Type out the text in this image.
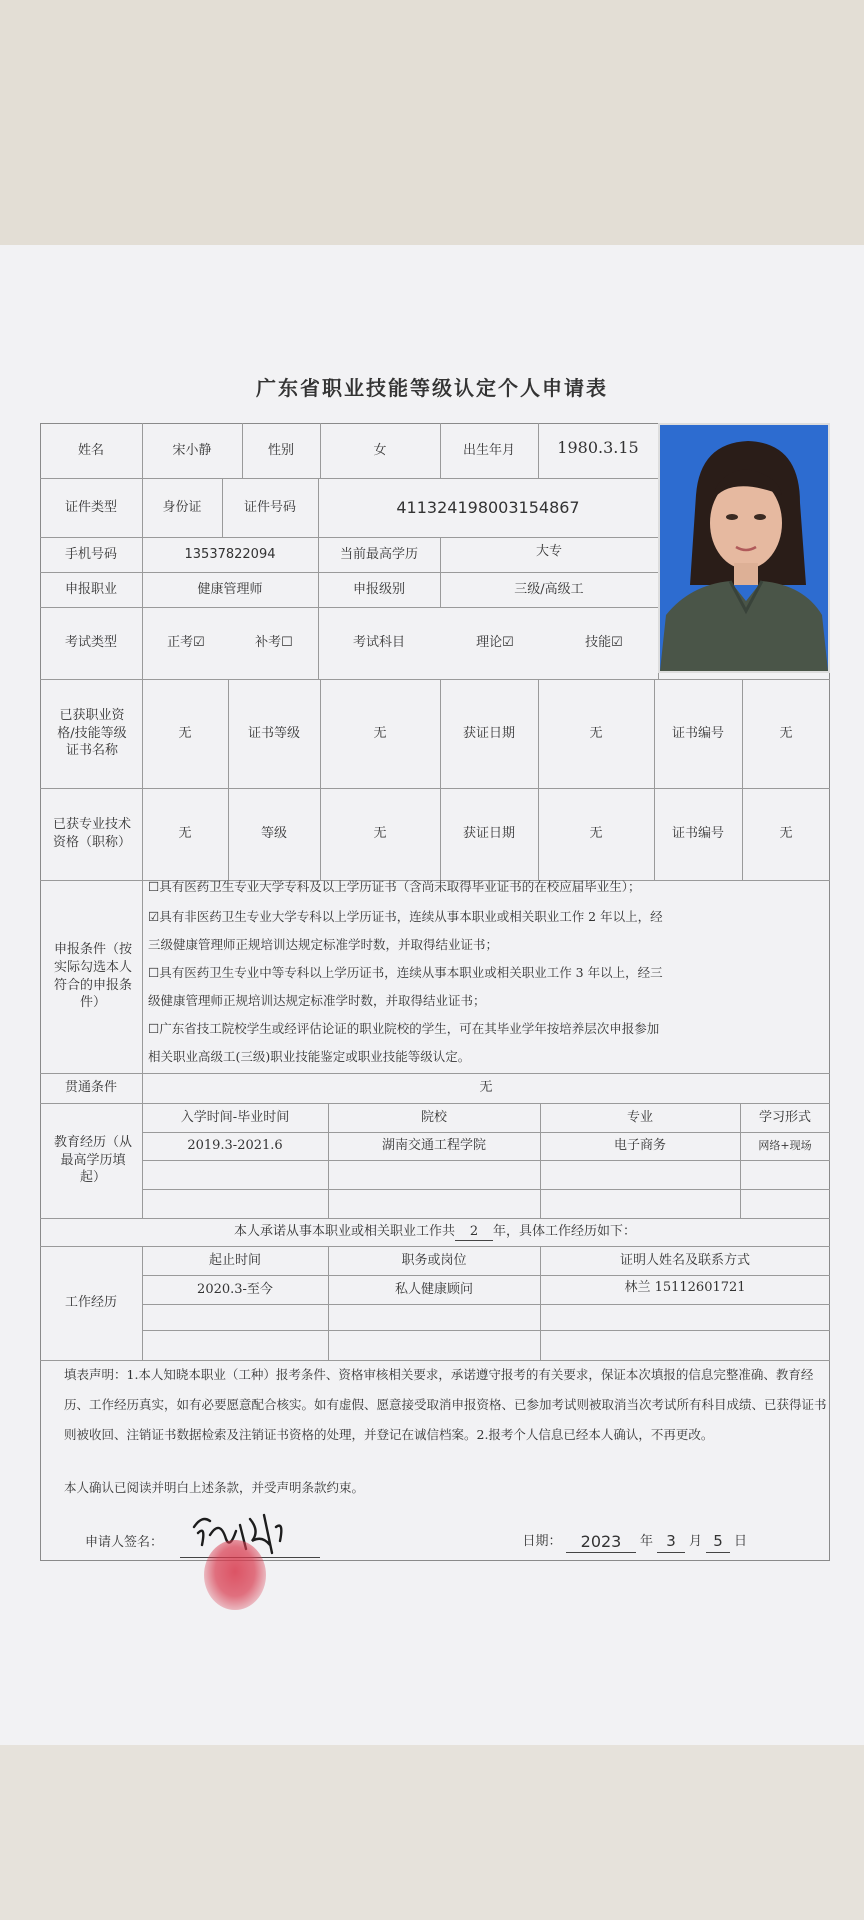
广东省职业技能等级认定个人申请表
姓名	宋小静	性别	女	出生年月	1980.3.15
证件类型	身份证	证件号码	411324198003154867
手机号码	13537822094	当前最高学历	大专
申报职业	健康管理师	申报级别	三级/高级工
考试类型	正考☑	补考☐	考试科目	理论☑	技能☑
已获职业资格/技能等级证书名称
无	证书等级	无	获证日期	无	证书编号	无
已获专业技术资格（职称）
无	等级	无	获证日期	无	证书编号	无
申报条件（按实际勾选本人符合的申报条件）
☐具有医药卫生专业大学专科及以上学历证书（含尚未取得毕业证书的在校应届毕业生）；
☑具有非医药卫生专业大学专科以上学历证书，连续从事本职业或相关职业工作 2 年以上，经
三级健康管理师正规培训达规定标准学时数，并取得结业证书；
☐具有医药卫生专业中等专科以上学历证书，连续从事本职业或相关职业工作 3 年以上，经三
级健康管理师正规培训达规定标准学时数，并取得结业证书；
☐广东省技工院校学生或经评估论证的职业院校的学生，可在其毕业学年按培养层次申报参加
相关职业高级工(三级)职业技能鉴定或职业技能等级认定。
贯通条件	无
教育经历（从最高学历填起）
入学时间-毕业时间	院校	专业	学习形式
2019.3-2021.6	湖南交通工程学院	电子商务	网络+现场
本人承诺从事本职业或相关职业工作共	2	年，具体工作经历如下：
工作经历
起止时间	职务或岗位	证明人姓名及联系方式
2020.3-至今	私人健康顾问	林兰 15112601721
填表声明：1.本人知晓本职业（工种）报考条件、资格审核相关要求，承诺遵守报考的有关要求，保证本次填报的信息完整准确、教育经历、工作经历真实，如有必要愿意配合核实。如有虚假、愿意接受取消申报资格、已参加考试则被取消当次考试所有科目成绩、已获得证书则被收回、注销证书数据检索及注销证书资格的处理，并登记在诚信档案。2.报考个人信息已经本人确认，不再更改。
本人确认已阅读并明白上述条款，并受声明条款约束。
申请人签名：	日期：	2023	年 3	月 5 日
